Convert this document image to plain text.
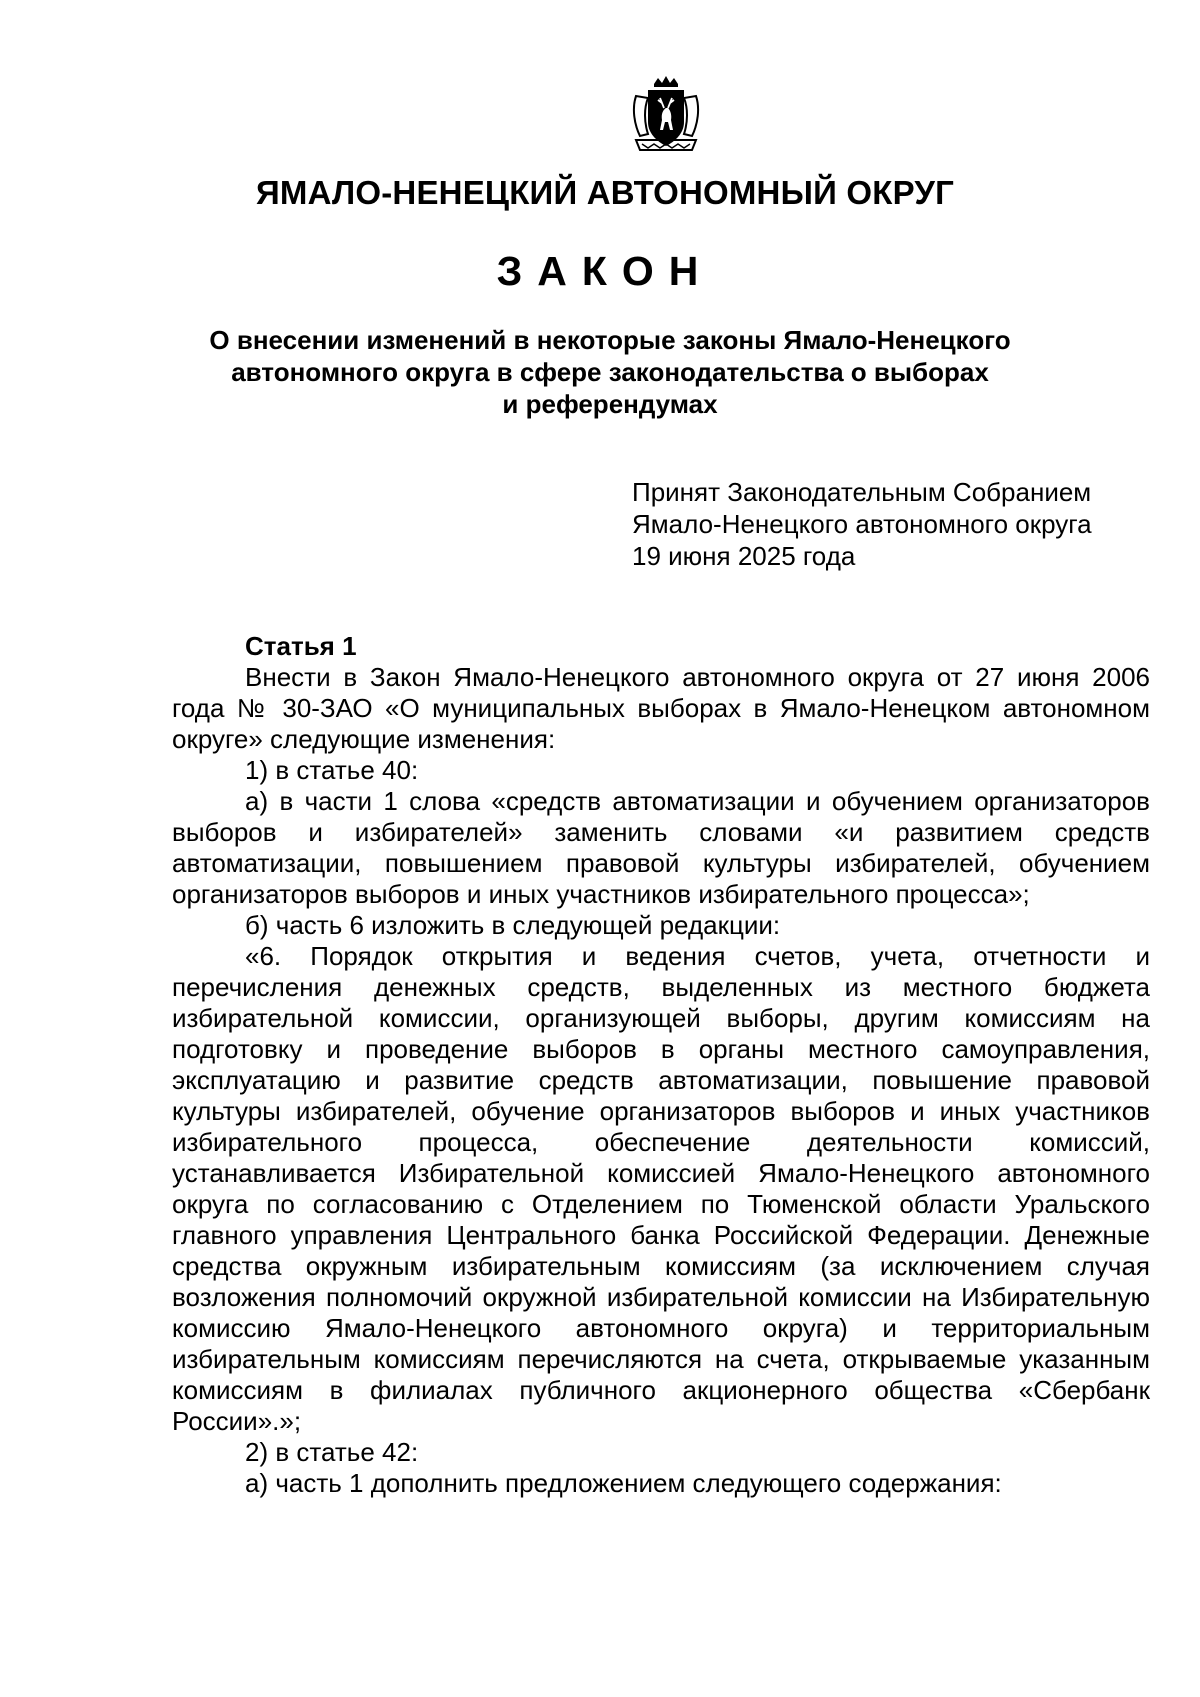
ЯМАЛО-НЕНЕЦКИЙ АВТОНОМНЫЙ ОКРУГ
ЗАКОН
О внесении изменений в некоторые законы Ямало-Ненецкого
автономного округа в сфере законодательства о выборах
и референдумах
Принят Законодательным Собранием
Ямало-Ненецкого автономного округа
19 июня 2025 года

Статья 1

Внести в Закон Ямало-Ненецкого автономного округа от 27 июня 2006 года № 30-ЗАО «О муниципальных выборах в Ямало-Ненецком автономном округе» следующие изменения:

1) в статье 40:

а) в части 1 слова «средств автоматизации и обучением организаторов выборов и избирателей» заменить словами «и развитием средств автоматизации, повышением правовой культуры избирателей, обучением организаторов выборов и иных участников избирательного процесса»;

б) часть 6 изложить в следующей редакции:

«6. Порядок открытия и ведения счетов, учета, отчетности и перечисления денежных средств, выделенных из местного бюджета избирательной комиссии, организующей выборы, другим комиссиям на подготовку и проведение выборов в органы местного самоуправления, эксплуатацию и развитие средств автоматизации, повышение правовой культуры избирателей, обучение организаторов выборов и иных участников избирательного процесса, обеспечение деятельности комиссий, устанавливается Избирательной комиссией Ямало-Ненецкого автономного округа по согласованию с Отделением по Тюменской области Уральского главного управления Центрального банка Российской Федерации. Денежные средства окружным избирательным комиссиям (за исключением случая возложения полномочий окружной избирательной комиссии на Избирательную комиссию Ямало-Ненецкого автономного округа) и территориальным избирательным комиссиям перечисляются на счета, открываемые указанным комиссиям в филиалах публичного акционерного общества «Сбербанк России».»;

2) в статье 42:

а) часть 1 дополнить предложением следующего содержания:
